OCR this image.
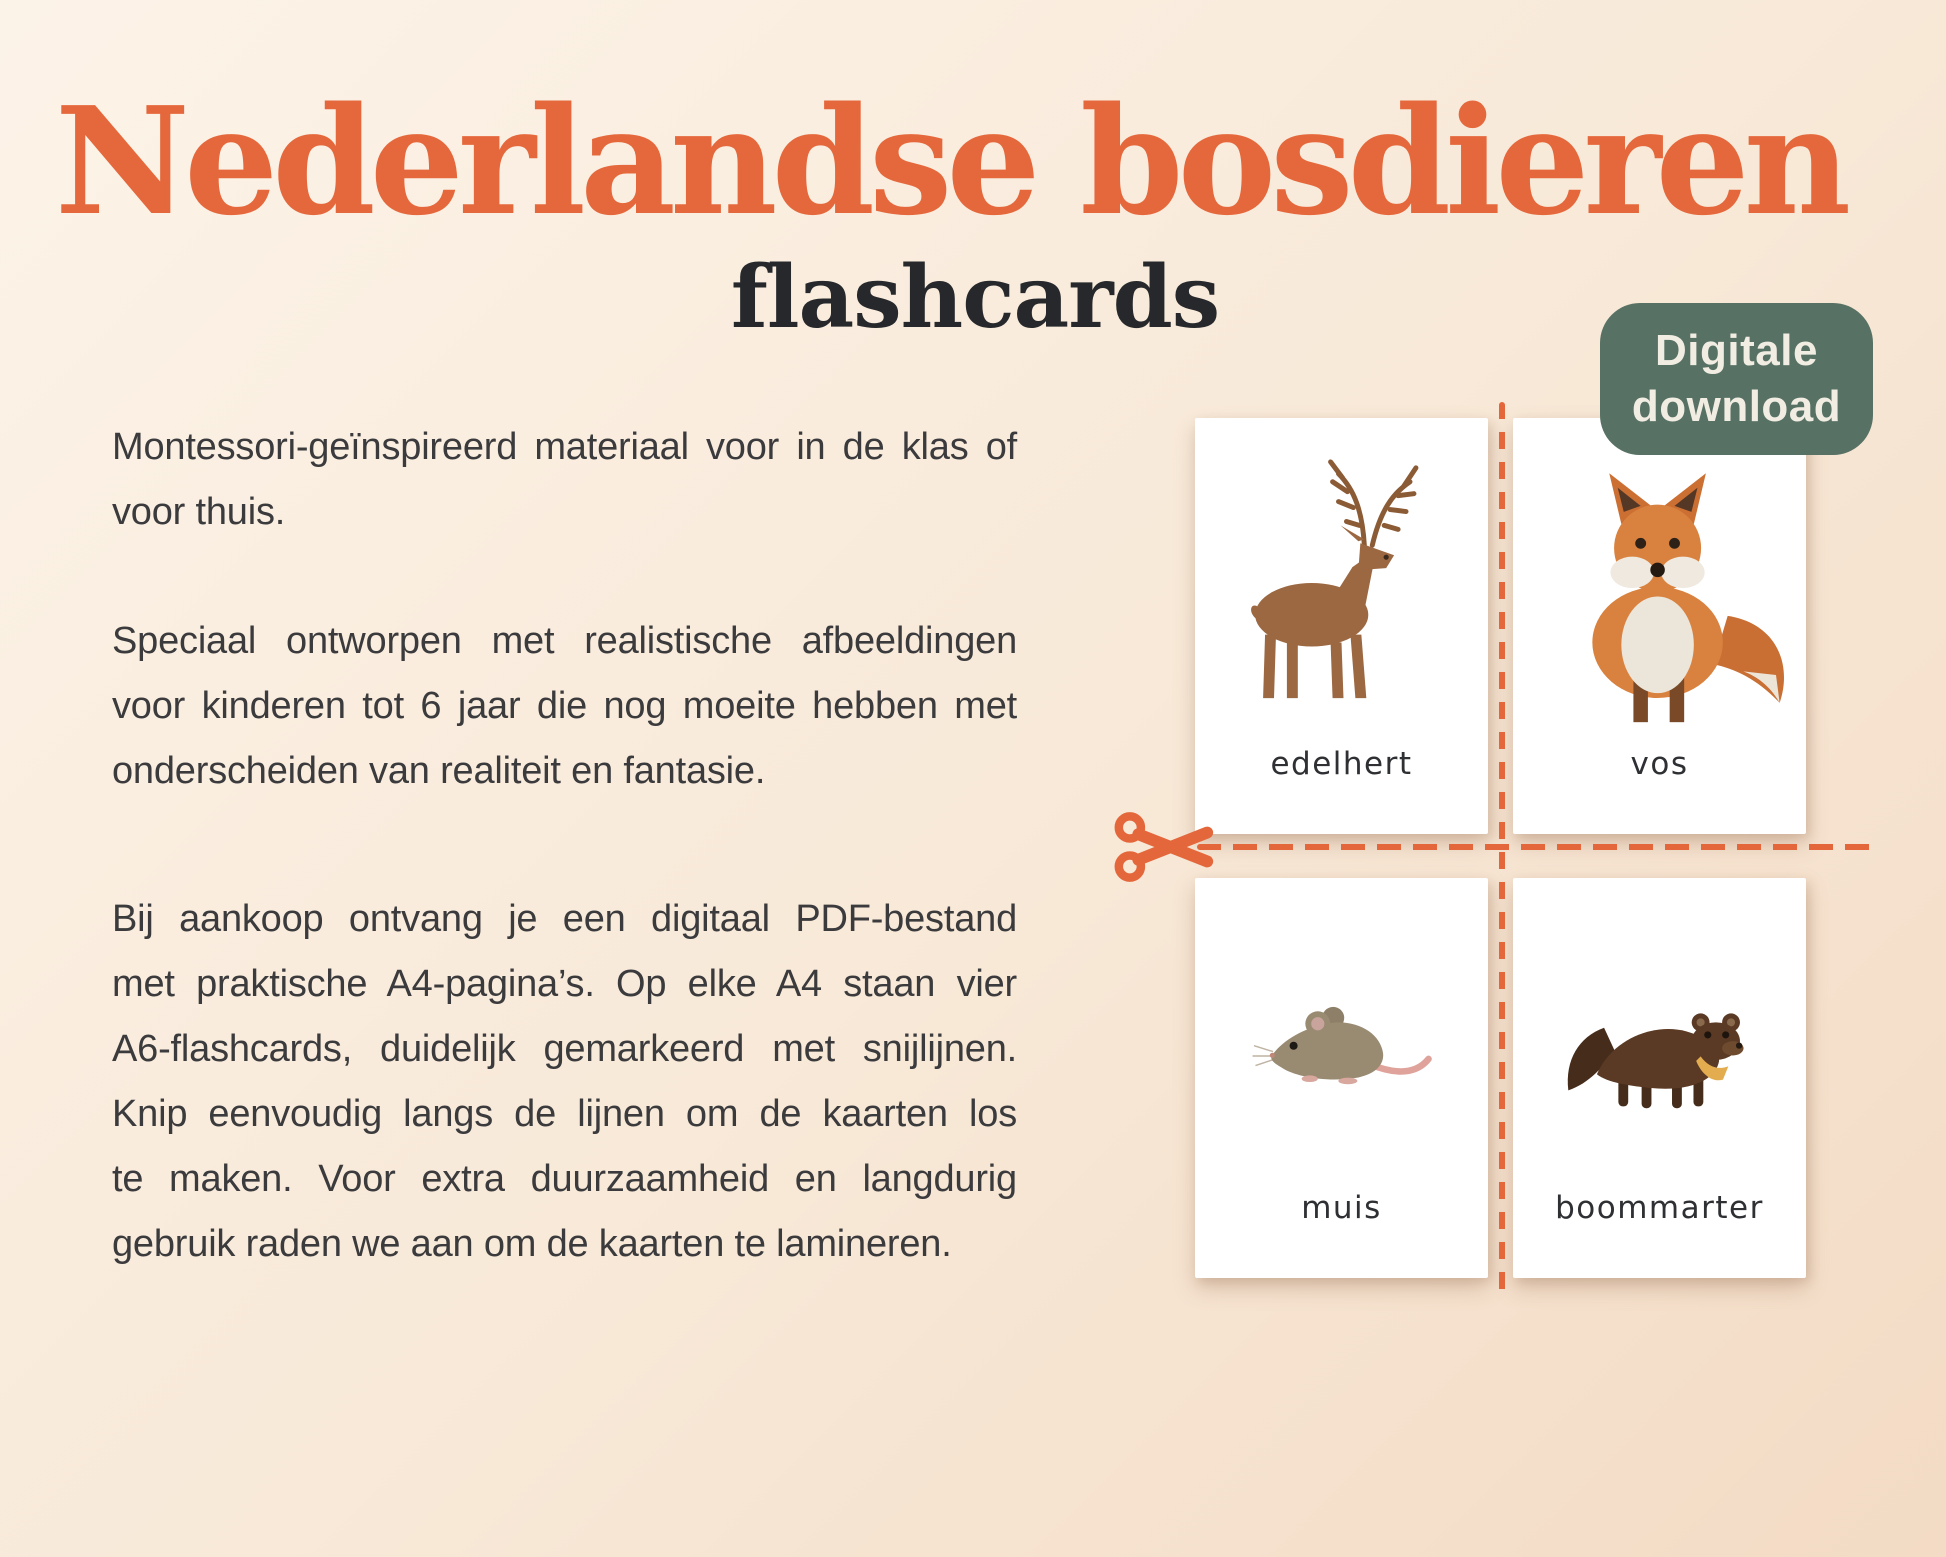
Nederlandse bosdieren
flashcards
Digitale
download

Montessori-geïnspireerd materiaal voor in de klas of
voor thuis.

Speciaal ontworpen met realistische afbeeldingen
voor kinderen tot 6 jaar die nog moeite hebben met
onderscheiden van realiteit en fantasie.

Bij aankoop ontvang je een digitaal PDF-bestand
met praktische A4-pagina’s. Op elke A4 staan vier
A6-flashcards, duidelijk gemarkeerd met snijlijnen.
Knip eenvoudig langs de lijnen om de kaarten los
te maken. Voor extra duurzaamheid en langdurig
gebruik raden we aan om de kaarten te lamineren.

edelhert	vos
muis	boommarter
